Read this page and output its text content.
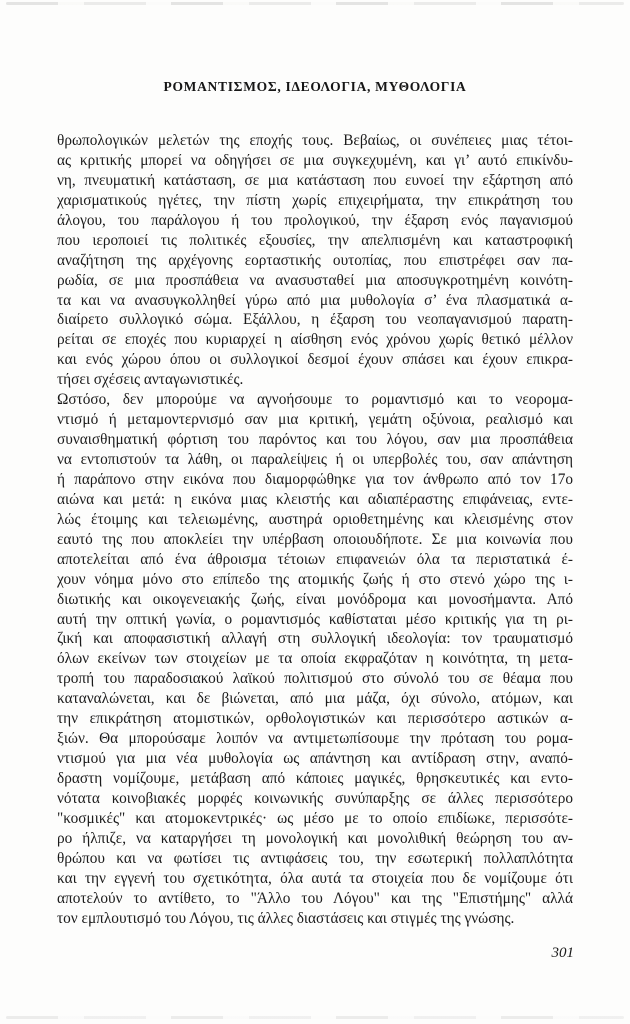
ΡΟΜΑΝΤΙΣΜΟΣ, ΙΔΕΟΛΟΓΙΑ, ΜΥΘΟΛΟΓΙΑ
θρωπολογικών μελετών της εποχής τους. Βεβαίως, οι συνέπειες μιας τέτοι-
ας κριτικής μπορεί να οδηγήσει σε μια συγκεχυμένη, και γι’ αυτό επικίνδυ-
νη, πνευματική κατάσταση, σε μια κατάσταση που ευνοεί την εξάρτηση από
χαρισματικούς ηγέτες, την πίστη χωρίς επιχειρήματα, την επικράτηση του
άλογου, του παράλογου ή του προλογικού, την έξαρση ενός παγανισμού
που ιεροποιεί τις πολιτικές εξουσίες, την απελπισμένη και καταστροφική
αναζήτηση της αρχέγονης εορταστικής ουτοπίας, που επιστρέφει σαν πα-
ρωδία, σε μια προσπάθεια να ανασυσταθεί μια αποσυγκροτημένη κοινότη-
τα και να ανασυγκολληθεί γύρω από μια μυθολογία σ’ ένα πλασματικά α-
διαίρετο συλλογικό σώμα. Εξάλλου, η έξαρση του νεοπαγανισμού παρατη-
ρείται σε εποχές που κυριαρχεί η αίσθηση ενός χρόνου χωρίς θετικό μέλλον
και ενός χώρου όπου οι συλλογικοί δεσμοί έχουν σπάσει και έχουν επικρα-
τήσει σχέσεις ανταγωνιστικές.
Ωστόσο, δεν μπορούμε να αγνοήσουμε το ρομαντισμό και το νεορομα-
ντισμό ή μεταμοντερνισμό σαν μια κριτική, γεμάτη οξύνοια, ρεαλισμό και
συναισθηματική φόρτιση του παρόντος και του λόγου, σαν μια προσπάθεια
να εντοπιστούν τα λάθη, οι παραλείψεις ή οι υπερβολές του, σαν απάντηση
ή παράπονο στην εικόνα που διαμορφώθηκε για τον άνθρωπο από τον 17ο
αιώνα και μετά: η εικόνα μιας κλειστής και αδιαπέραστης επιφάνειας, εντε-
λώς έτοιμης και τελειωμένης, αυστηρά οριοθετημένης και κλεισμένης στον
εαυτό της που αποκλείει την υπέρβαση οποιουδήποτε. Σε μια κοινωνία που
αποτελείται από ένα άθροισμα τέτοιων επιφανειών όλα τα περιστατικά έ-
χουν νόημα μόνο στο επίπεδο της ατομικής ζωής ή στο στενό χώρο της ι-
διωτικής και οικογενειακής ζωής, είναι μονόδρομα και μονοσήμαντα. Από
αυτή την οπτική γωνία, ο ρομαντισμός καθίσταται μέσο κριτικής για τη ρι-
ζική και αποφασιστική αλλαγή στη συλλογική ιδεολογία: τον τραυματισμό
όλων εκείνων των στοιχείων με τα οποία εκφραζόταν η κοινότητα, τη μετα-
τροπή του παραδοσιακού λαϊκού πολιτισμού στο σύνολό του σε θέαμα που
καταναλώνεται, και δε βιώνεται, από μια μάζα, όχι σύνολο, ατόμων, και
την επικράτηση ατομιστικών, ορθολογιστικών και περισσότερο αστικών α-
ξιών. Θα μπορούσαμε λοιπόν να αντιμετωπίσουμε την πρόταση του ρομα-
ντισμού για μια νέα μυθολογία ως απάντηση και αντίδραση στην, αναπό-
δραστη νομίζουμε, μετάβαση από κάποιες μαγικές, θρησκευτικές και εντο-
νότατα κοινοβιακές μορφές κοινωνικής συνύπαρξης σε άλλες περισσότερο
"κοσμικές" και ατομοκεντρικές· ως μέσο με το οποίο επιδίωκε, περισσότε-
ρο ήλπιζε, να καταργήσει τη μονολογική και μονολιθική θεώρηση του αν-
θρώπου και να φωτίσει τις αντιφάσεις του, την εσωτερική πολλαπλότητα
και την εγγενή του σχετικότητα, όλα αυτά τα στοιχεία που δε νομίζουμε ότι
αποτελούν το αντίθετο, το "Άλλο του Λόγου" και της "Επιστήμης" αλλά
τον εμπλουτισμό του Λόγου, τις άλλες διαστάσεις και στιγμές της γνώσης.
301
